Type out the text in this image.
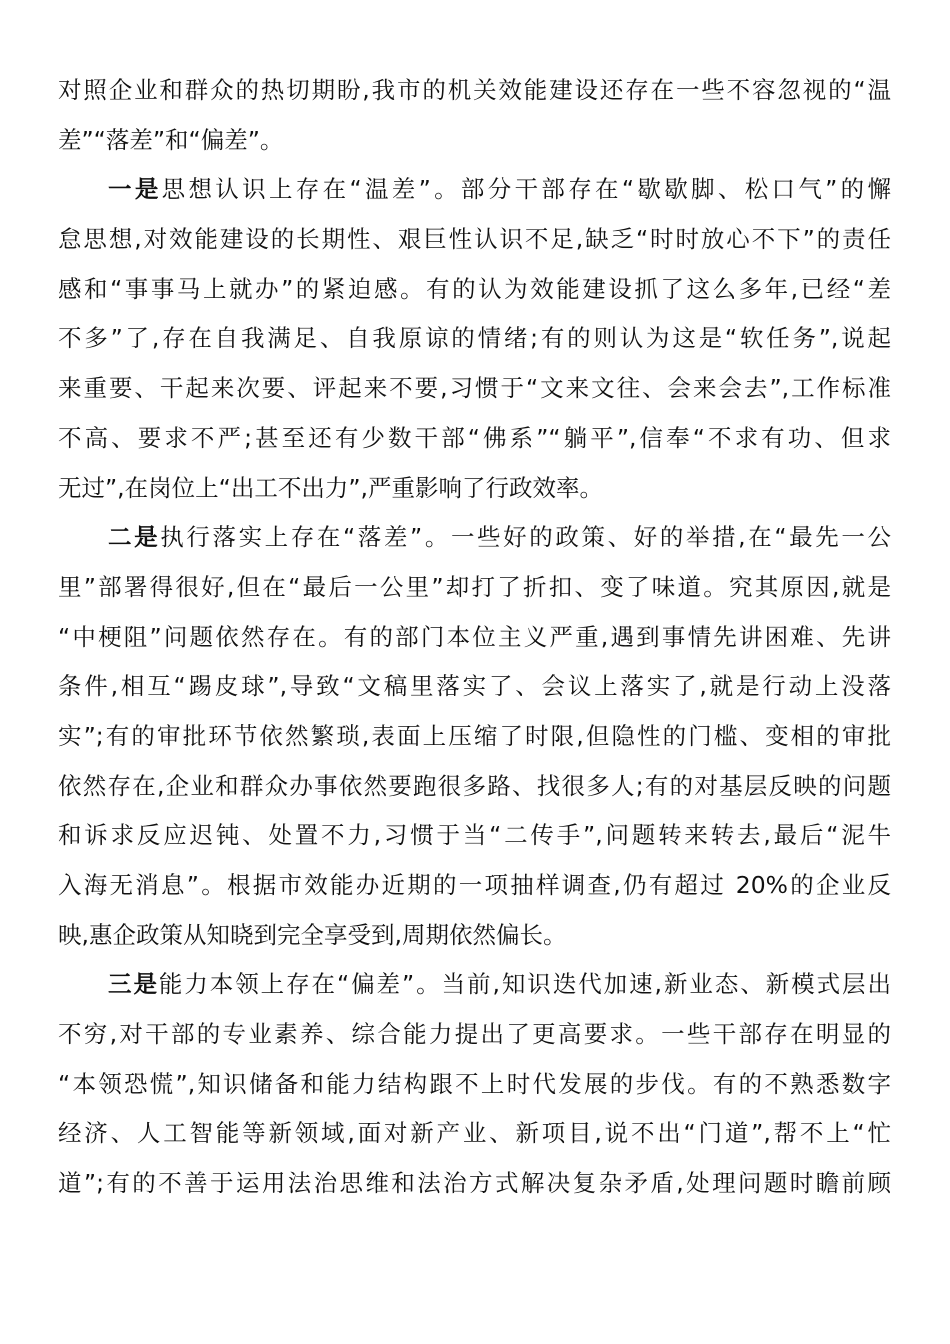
对照企业和群众的热切期盼,我市的机关效能建设还存在一些不容忽视的“温
差”“落差”和“偏差”。
一是思想认识上存在“温差”。部分干部存在“歇歇脚、松口气”的懈
怠思想,对效能建设的长期性、艰巨性认识不足,缺乏“时时放心不下”的责任
感和“事事马上就办”的紧迫感。有的认为效能建设抓了这么多年,已经“差
不多”了,存在自我满足、自我原谅的情绪;有的则认为这是“软任务”,说起
来重要、干起来次要、评起来不要,习惯于“文来文往、会来会去”,工作标准
不高、要求不严;甚至还有少数干部“佛系”“躺平”,信奉“不求有功、但求
无过”,在岗位上“出工不出力”,严重影响了行政效率。
二是执行落实上存在“落差”。一些好的政策、好的举措,在“最先一公
里”部署得很好,但在“最后一公里”却打了折扣、变了味道。究其原因,就是
“中梗阻”问题依然存在。有的部门本位主义严重,遇到事情先讲困难、先讲
条件,相互“踢皮球”,导致“文稿里落实了、会议上落实了,就是行动上没落
实”;有的审批环节依然繁琐,表面上压缩了时限,但隐性的门槛、变相的审批
依然存在,企业和群众办事依然要跑很多路、找很多人;有的对基层反映的问题
和诉求反应迟钝、处置不力,习惯于当“二传手”,问题转来转去,最后“泥牛
入海无消息”。根据市效能办近期的一项抽样调查,仍有超过 20%的企业反
映,惠企政策从知晓到完全享受到,周期依然偏长。
三是能力本领上存在“偏差”。当前,知识迭代加速,新业态、新模式层出
不穷,对干部的专业素养、综合能力提出了更高要求。一些干部存在明显的
“本领恐慌”,知识储备和能力结构跟不上时代发展的步伐。有的不熟悉数字
经济、人工智能等新领域,面对新产业、新项目,说不出“门道”,帮不上“忙
道”;有的不善于运用法治思维和法治方式解决复杂矛盾,处理问题时瞻前顾
